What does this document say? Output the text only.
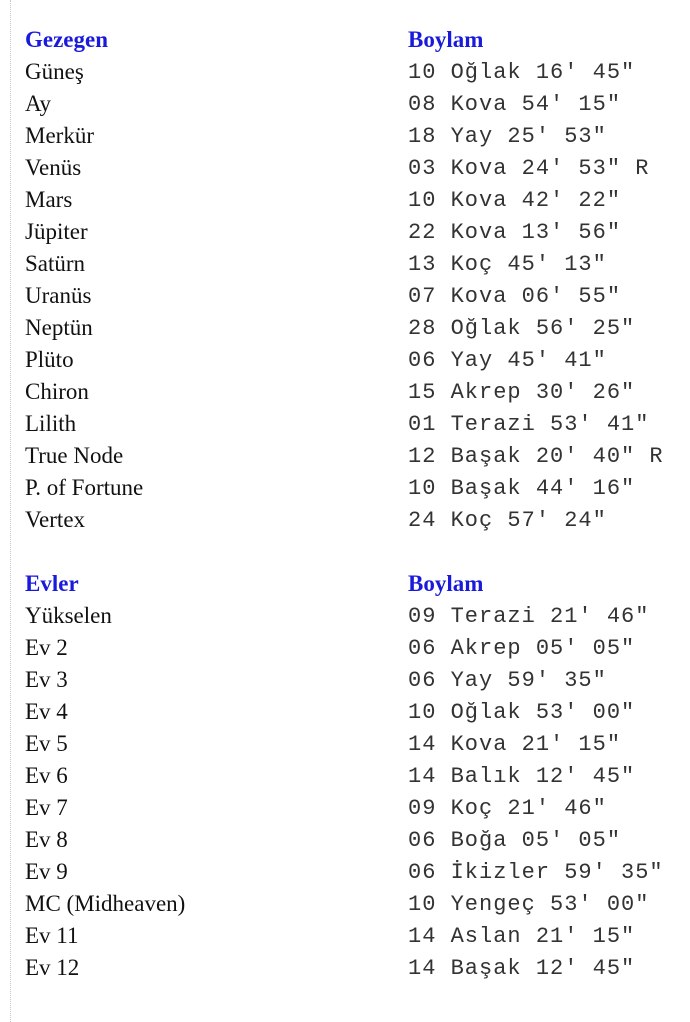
Gezegen	Boylam
Güneş	10 Oğlak 16' 45"
Ay	08 Kova 54' 15"
Merkür	18 Yay 25' 53"
Venüs	03 Kova 24' 53" R
Mars	10 Kova 42' 22"
Jüpiter	22 Kova 13' 56"
Satürn	13 Koç 45' 13"
Uranüs	07 Kova 06' 55"
Neptün	28 Oğlak 56' 25"
Plüto	06 Yay 45' 41"
Chiron	15 Akrep 30' 26"
Lilith	01 Terazi 53' 41"
True Node	12 Başak 20' 40" R
P. of Fortune	10 Başak 44' 16"
Vertex	24 Koç 57' 24"
Evler	Boylam
Yükselen	09 Terazi 21' 46"
Ev 2	06 Akrep 05' 05"
Ev 3	06 Yay 59' 35"
Ev 4	10 Oğlak 53' 00"
Ev 5	14 Kova 21' 15"
Ev 6	14 Balık 12' 45"
Ev 7	09 Koç 21' 46"
Ev 8	06 Boğa 05' 05"
Ev 9	06 İkizler 59' 35"
MC (Midheaven)	10 Yengeç 53' 00"
Ev 11	14 Aslan 21' 15"
Ev 12	14 Başak 12' 45"
